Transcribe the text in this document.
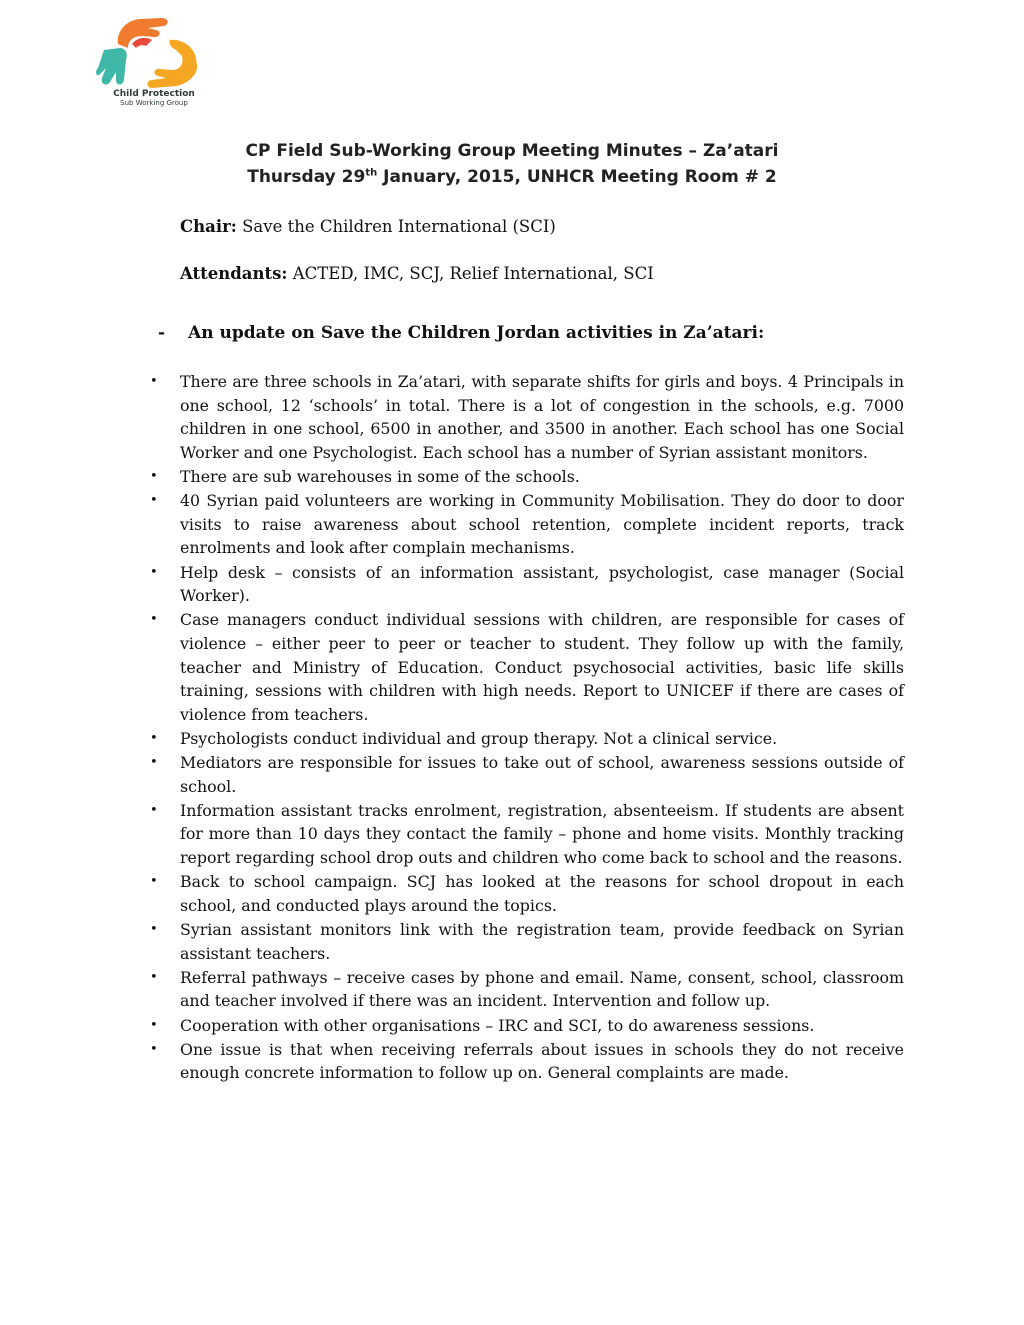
Child Protection
Sub Working Group
CP Field Sub-Working Group Meeting Minutes – Za’atari
Thursday 29th January, 2015, UNHCR Meeting Room # 2
Chair: Save the Children International (SCI)
Attendants: ACTED, IMC, SCJ, Relief International, SCI
- An update on Save the Children Jordan activities in Za’atari:
• There are three schools in Za’atari, with separate shifts for girls and boys. 4 Principals in one school, 12 ‘schools’ in total. There is a lot of congestion in the schools, e.g. 7000 children in one school, 6500 in another, and 3500 in another. Each school has one Social Worker and one Psychologist. Each school has a number of Syrian assistant monitors.
• There are sub warehouses in some of the schools.
• 40 Syrian paid volunteers are working in Community Mobilisation. They do door to door visits to raise awareness about school retention, complete incident reports, track enrolments and look after complain mechanisms.
• Help desk – consists of an information assistant, psychologist, case manager (Social Worker).
• Case managers conduct individual sessions with children, are responsible for cases of violence – either peer to peer or teacher to student. They follow up with the family, teacher and Ministry of Education. Conduct psychosocial activities, basic life skills training, sessions with children with high needs. Report to UNICEF if there are cases of violence from teachers.
• Psychologists conduct individual and group therapy. Not a clinical service.
• Mediators are responsible for issues to take out of school, awareness sessions outside of school.
• Information assistant tracks enrolment, registration, absenteeism. If students are absent for more than 10 days they contact the family – phone and home visits. Monthly tracking report regarding school drop outs and children who come back to school and the reasons.
• Back to school campaign. SCJ has looked at the reasons for school dropout in each school, and conducted plays around the topics.
• Syrian assistant monitors link with the registration team, provide feedback on Syrian assistant teachers.
• Referral pathways – receive cases by phone and email. Name, consent, school, classroom and teacher involved if there was an incident. Intervention and follow up.
• Cooperation with other organisations – IRC and SCI, to do awareness sessions.
• One issue is that when receiving referrals about issues in schools they do not receive enough concrete information to follow up on. General complaints are made.
